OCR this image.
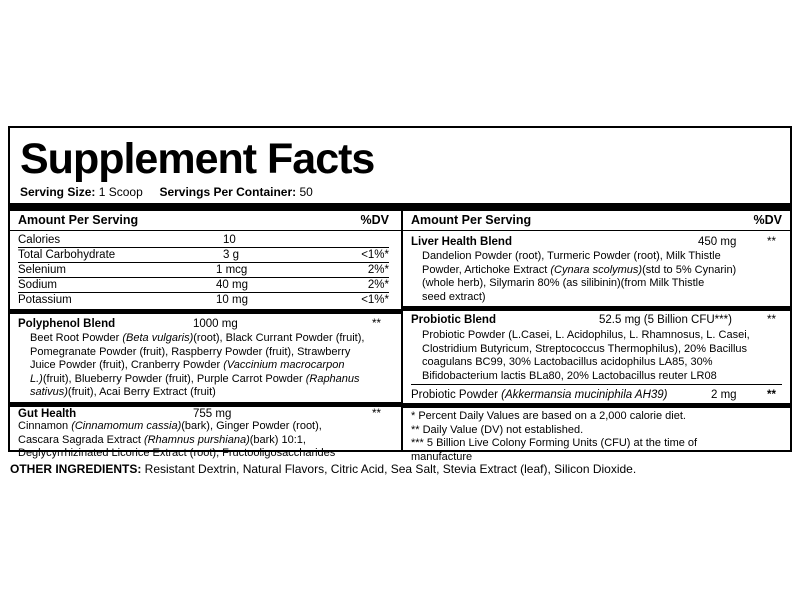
Supplement Facts
Serving Size: 1 Scoop Servings Per Container: 50
Amount Per Serving	%DV
Calories	10
Total Carbohydrate	3 g	<1%*
Selenium	1 mcg	2%*
Sodium	40 mg	2%*
Potassium	10 mg	<1%*
Polyphenol Blend	1000 mg	**
Beet Root Powder (Beta vulgaris)(root), Black Currant Powder (fruit),
Pomegranate Powder (fruit), Raspberry Powder (fruit), Strawberry
Juice Powder (fruit), Cranberry Powder (Vaccinium macrocarpon
L.)(fruit), Blueberry Powder (fruit), Purple Carrot Powder (Raphanus
sativus)(fruit), Acai Berry Extract (fruit)
Gut Health	755 mg	**
Cinnamon (Cinnamomum cassia)(bark), Ginger Powder (root),
Cascara Sagrada Extract (Rhamnus purshiana)(bark) 10:1,
Deglycyrrhizinated Licorice Extract (root), Fructooligosaccharides
Amount Per Serving	%DV
Liver Health Blend	450 mg	**
Dandelion Powder (root), Turmeric Powder (root), Milk Thistle
Powder, Artichoke Extract (Cynara scolymus)(std to 5% Cynarin)
(whole herb), Silymarin 80% (as silibinin)(from Milk Thistle
seed extract)
Probiotic Blend	52.5 mg (5 Billion CFU***)	**
Probiotic Powder (L.Casei, L. Acidophilus, L. Rhamnosus, L. Casei,
Clostridium Butyricum, Streptococcus Thermophilus), 20% Bacillus
coagulans BC99, 30% Lactobacillus acidophilus LA85, 30%
Bifidobacterium lactis BLa80, 20% Lactobacillus reuter LR08
Probiotic Powder (Akkermansia muciniphila AH39)	2 mg	**
* Percent Daily Values are based on a 2,000 calorie diet.
** Daily Value (DV) not established.
*** 5 Billion Live Colony Forming Units (CFU) at the time of
manufacture
OTHER INGREDIENTS: Resistant Dextrin, Natural Flavors, Citric Acid, Sea Salt, Stevia Extract (leaf), Silicon Dioxide.
